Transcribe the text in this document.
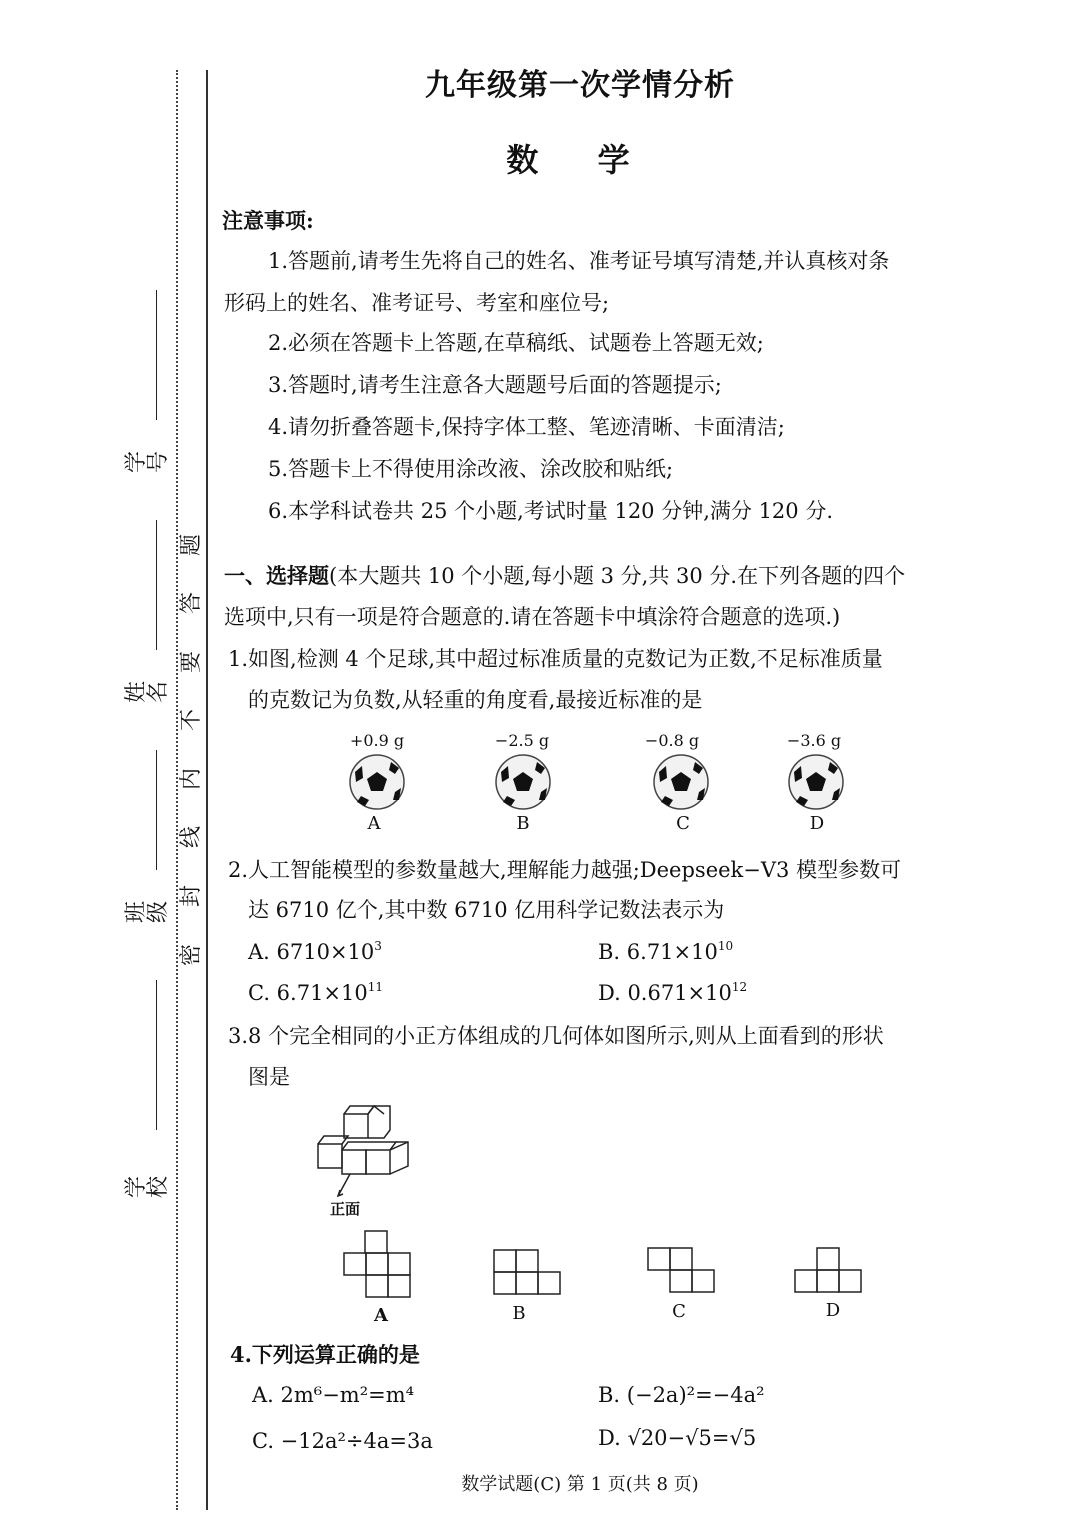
学号
姓名
班级
学校
题
答
要
不
内
线
封
密
九年级第一次学情分析
数 学
注意事项:
1.答题前,请考生先将自己的姓名、准考证号填写清楚,并认真核对条
形码上的姓名、准考证号、考室和座位号;
2.必须在答题卡上答题,在草稿纸、试题卷上答题无效;
3.答题时,请考生注意各大题题号后面的答题提示;
4.请勿折叠答题卡,保持字体工整、笔迹清晰、卡面清洁;
5.答题卡上不得使用涂改液、涂改胶和贴纸;
6.本学科试卷共 25 个小题,考试时量 120 分钟,满分 120 分.
一、选择题(本大题共 10 个小题,每小题 3 分,共 30 分.在下列各题的四个
选项中,只有一项是符合题意的.请在答题卡中填涂符合题意的选项.)
1.如图,检测 4 个足球,其中超过标准质量的克数记为正数,不足标准质量
的克数记为负数,从轻重的角度看,最接近标准的是
+0.9 g	−2.5 g	−0.8 g	−3.6 g
A	B	C	D
2.人工智能模型的参数量越大,理解能力越强;Deepseek−V3 模型参数可
达 6710 亿个,其中数 6710 亿用科学记数法表示为
A. $6710\times 10^3$	B. $6.71\times 10^{10}$
C. $6.71\times 10^{11}$	D. $0.671\times 10^{12}$
3.8 个完全相同的小正方体组成的几何体如图所示,则从上面看到的形状
图是
正面
A	B	C	D
4.下列运算正确的是
A. 2m⁶−m²=m⁴	B. (−2a)²=−4a²
C. −12a²÷4a=3a	D. √20−√5=√5
数学试题(C) 第 1 页(共 8 页)
